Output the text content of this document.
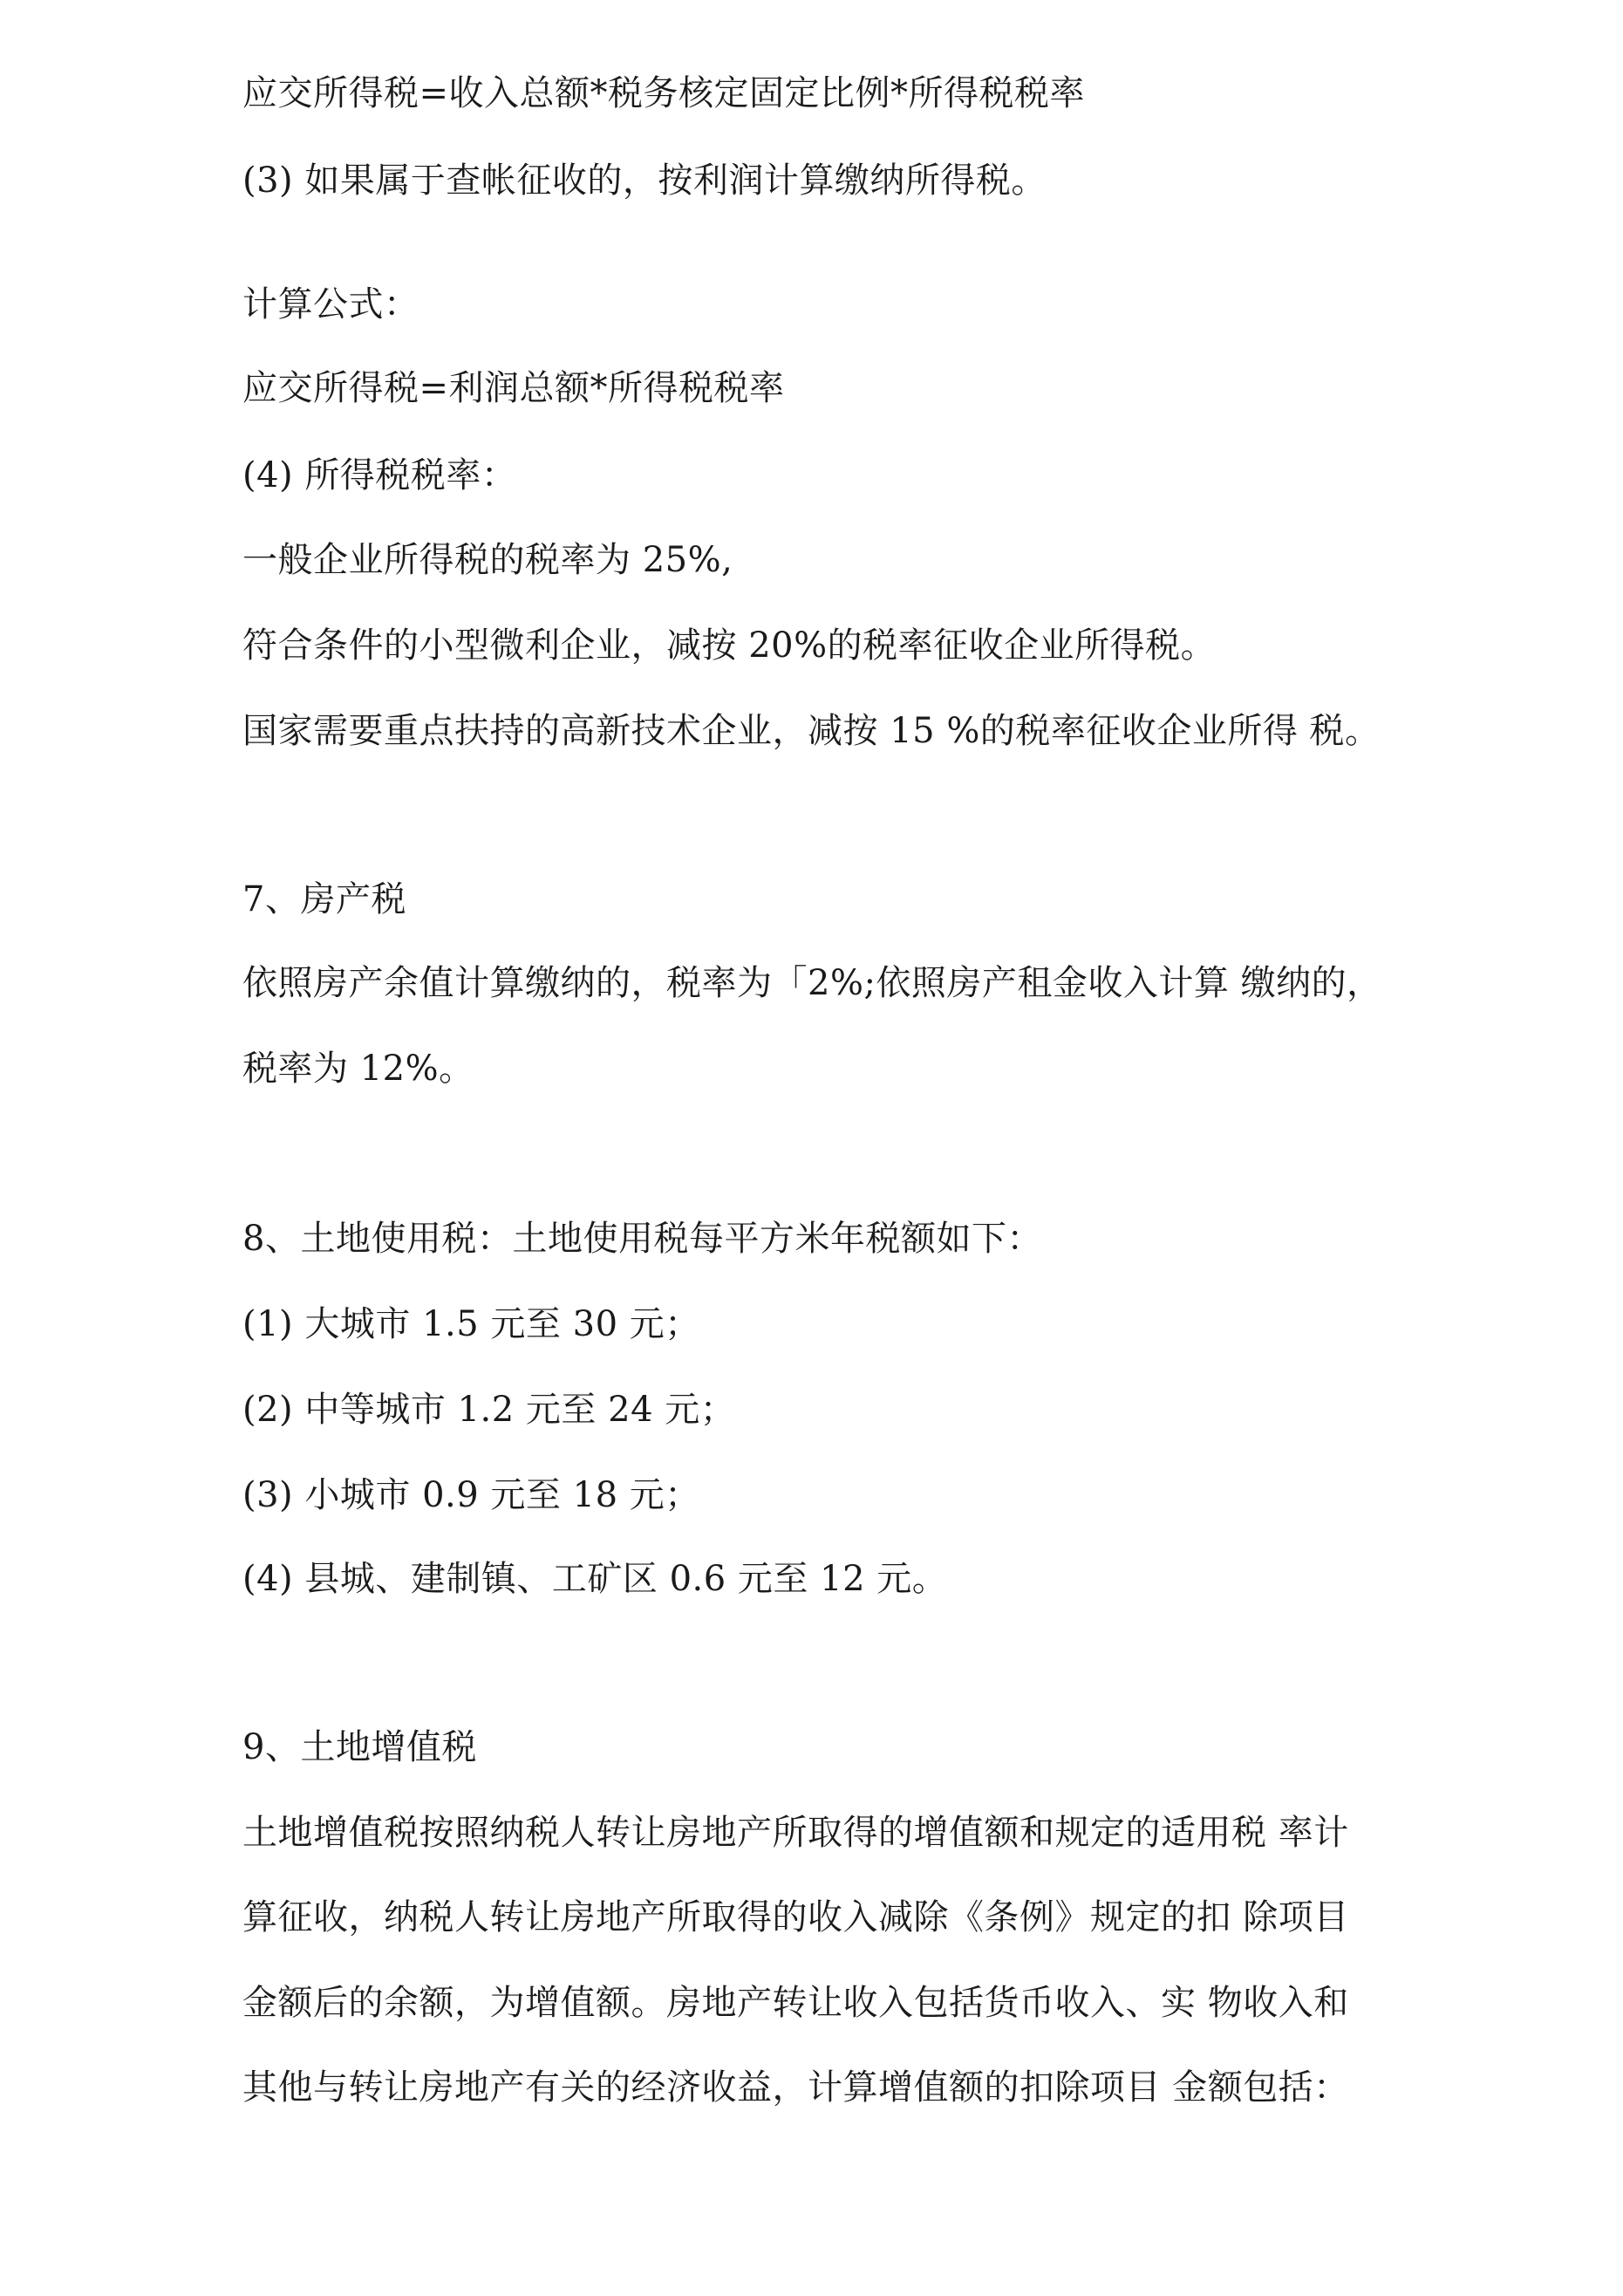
应交所得税=收入总额*税务核定固定比例*所得税税率
(3) 如果属于查帐征收的，按利润计算缴纳所得税。
计算公式：
应交所得税=利润总额*所得税税率
(4) 所得税税率：
一般企业所得税的税率为 25%,
符合条件的小型微利企业，减按 20%的税率征收企业所得税。
国家需要重点扶持的高新技术企业，减按 15 %的税率征收企业所得 税。
7、房产税
依照房产余值计算缴纳的，税率为「2%;依照房产租金收入计算 缴纳的，
税率为 12%。
8、土地使用税：土地使用税每平方米年税额如下：
(1) 大城市 1.5 元至 30 元；
(2) 中等城市 1.2 元至 24 元；
(3) 小城市 0.9 元至 18 元；
(4) 县城、建制镇、工矿区 0.6 元至 12 元。
9、土地增值税
土地增值税按照纳税人转让房地产所取得的增值额和规定的适用税 率计
算征收，纳税人转让房地产所取得的收入减除《条例》规定的扣 除项目
金额后的余额，为增值额。房地产转让收入包括货币收入、实 物收入和
其他与转让房地产有关的经济收益，计算增值额的扣除项目 金额包括：
